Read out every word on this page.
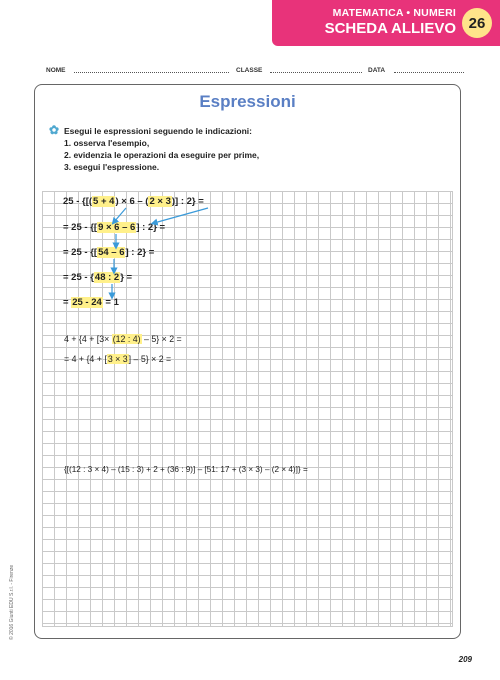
MATEMATICA • NUMERI
SCHEDA ALLIEVO 26
NOME	CLASSE	DATA
Espressioni
✿ Esegui le espressioni seguendo le indicazioni:
1. osserva l'esempio,
2. evidenzia le operazioni da eseguire per prime,
3. esegui l'espressione.
25 - {[(5 + 4) × 6 – (2 × 3)] : 2} =
= 25 - {[9 × 6 – 6] : 2} =
= 25 - {[54 – 6] : 2} =
= 25 - {48 : 2} =
= 25 - 24 = 1
4 + {4 + [3× (12 : 4) – 5} × 2 =
= 4 + {4 + [3 × 3] – 5} × 2 =
{[(12 : 3 × 4) – (15 : 3) + 2 + (36 : 9)] – [51: 17 + (3 × 3) – (2 × 4)]} =
© 2016 Giunti EDU S.r.l. - Firenze
209
